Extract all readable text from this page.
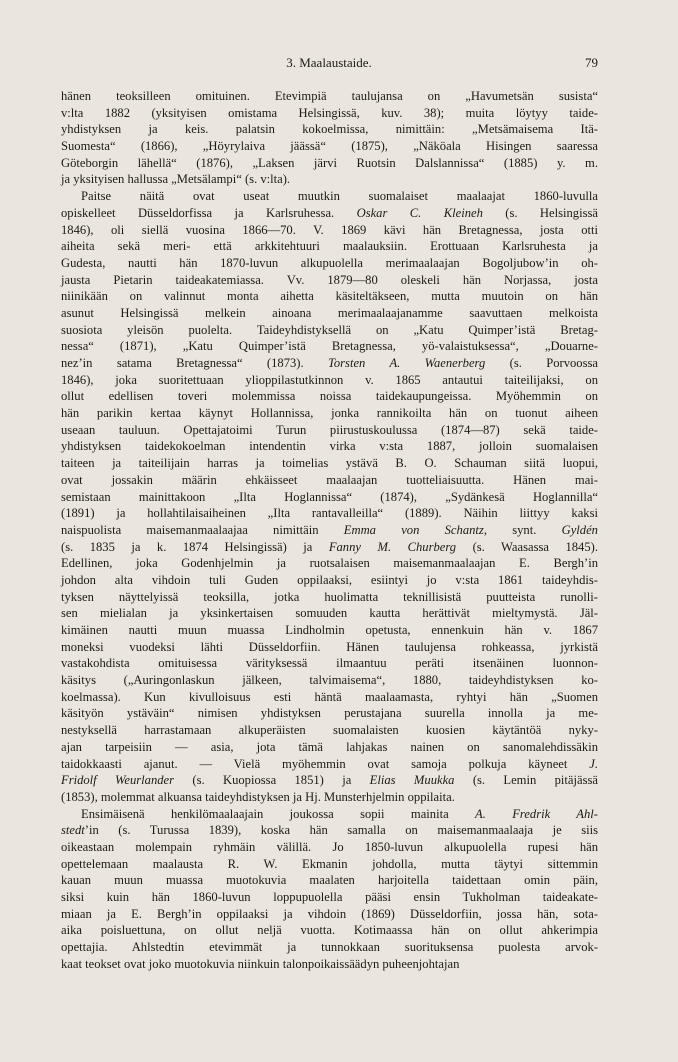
3. Maalaustaide.	79
hänen teoksilleen omituinen. Etevimpiä taulujansa on „Havumetsän susista“
v:lta 1882 (yksityisen omistama Helsingissä, kuv. 38); muita löytyy taide-
yhdistyksen ja keis. palatsin kokoelmissa, nimittäin: „Metsämaisema Itä-
Suomesta“ (1866), „Höyrylaiva jäässä“ (1875), „Näköala Hisingen saaressa
Göteborgin lähellä“ (1876), „Laksen järvi Ruotsin Dalslannissa“ (1885) y. m.
ja yksityisen hallussa „Metsälampi“ (s. v:lta).
Paitse näitä ovat useat muutkin suomalaiset maalaajat 1860-luvulla
opiskelleet Düsseldorfissa ja Karlsruhessa. Oskar C. Kleineh (s. Helsingissä
1846), oli siellä vuosina 1866—70. V. 1869 kävi hän Bretagnessa, josta otti
aiheita sekä meri- että arkkitehtuuri maalauksiin. Erottuaan Karlsruhesta ja
Gudesta, nautti hän 1870-luvun alkupuolella merimaalaajan Bogoljubow’in oh-
jausta Pietarin taideakatemiassa. Vv. 1879—80 oleskeli hän Norjassa, josta
niinikään on valinnut monta aihetta käsiteltäkseen, mutta muutoin on hän
asunut Helsingissä melkein ainoana merimaalaajanamme saavuttaen melkoista
suosiota yleisön puolelta. Taideyhdistyksellä on „Katu Quimper’istä Bretag-
nessa“ (1871), „Katu Quimper’istä Bretagnessa, yö-valaistuksessa“, „Douarne-
nez’in satama Bretagnessa“ (1873). Torsten A. Waenerberg (s. Porvoossa
1846), joka suoritettuaan ylioppilastutkinnon v. 1865 antautui taiteilijaksi, on
ollut edellisen toveri molemmissa noissa taidekaupungeissa. Myöhemmin on
hän parikin kertaa käynyt Hollannissa, jonka rannikoilta hän on tuonut aiheen
useaan tauluun. Opettajatoimi Turun piirustuskoulussa (1874—87) sekä taide-
yhdistyksen taidekokoelman intendentin virka v:sta 1887, jolloin suomalaisen
taiteen ja taiteilijain harras ja toimelias ystävä B. O. Schauman siitä luopui,
ovat jossakin määrin ehkäisseet maalaajan tuotteliaisuutta. Hänen mai-
semistaan mainittakoon „Ilta Hoglannissa“ (1874), „Sydänkesä Hoglannilla“
(1891) ja hollahtilaisaiheinen „Ilta rantavalleilla“ (1889). Näihin liittyy kaksi
naispuolista maisemanmaalaajaa nimittäin Emma von Schantz, synt. Gyldén
(s. 1835 ja k. 1874 Helsingissä) ja Fanny M. Churberg (s. Waasassa 1845).
Edellinen, joka Godenhjelmin ja ruotsalaisen maisemanmaalaajan E. Bergh’in
johdon alta vihdoin tuli Guden oppilaaksi, esiintyi jo v:sta 1861 taideyhdis-
tyksen näyttelyissä teoksilla, jotka huolimatta teknillisistä puutteista runolli-
sen mielialan ja yksinkertaisen somuuden kautta herättivät mieltymystä. Jäl-
kimäinen nautti muun muassa Lindholmin opetusta, ennenkuin hän v. 1867
moneksi vuodeksi lähti Düsseldorfiin. Hänen taulujensa rohkeassa, jyrkistä
vastakohdista omituisessa värityksessä ilmaantuu peräti itsenäinen luonnon-
käsitys („Auringonlaskun jälkeen, talvimaisema“, 1880, taideyhdistyksen ko-
koelmassa). Kun kivulloisuus esti häntä maalaamasta, ryhtyi hän „Suomen
käsityön ystäväin“ nimisen yhdistyksen perustajana suurella innolla ja me-
nestyksellä harrastamaan alkuperäisten suomalaisten kuosien käytäntöä nyky-
ajan tarpeisiin — asia, jota tämä lahjakas nainen on sanomalehdissäkin
taidokkaasti ajanut. — Vielä myöhemmin ovat samoja polkuja käyneet J.
Fridolf Weurlander (s. Kuopiossa 1851) ja Elias Muukka (s. Lemin pitäjässä
(1853), molemmat alkuansa taideyhdistyksen ja Hj. Munsterhjelmin oppilaita.
Ensimäisenä henkilömaalaajain joukossa sopii mainita A. Fredrik Ahl-
stedt’in (s. Turussa 1839), koska hän samalla on maisemanmaalaaja je siis
oikeastaan molempain ryhmäin välillä. Jo 1850-luvun alkupuolella rupesi hän
opettelemaan maalausta R. W. Ekmanin johdolla, mutta täytyi sittemmin
kauan muun muassa muotokuvia maalaten harjoitella taidettaan omin päin,
siksi kuin hän 1860-luvun loppupuolella pääsi ensin Tukholman taideakate-
miaan ja E. Bergh’in oppilaaksi ja vihdoin (1869) Düsseldorfiin, jossa hän, sota-
aika poisluettuna, on ollut neljä vuotta. Kotimaassa hän on ollut ahkerimpia
opettajia. Ahlstedtin etevimmät ja tunnokkaan suorituksensa puolesta arvok-
kaat teokset ovat joko muotokuvia niinkuin talonpoikaissäädyn puheenjohtajan
